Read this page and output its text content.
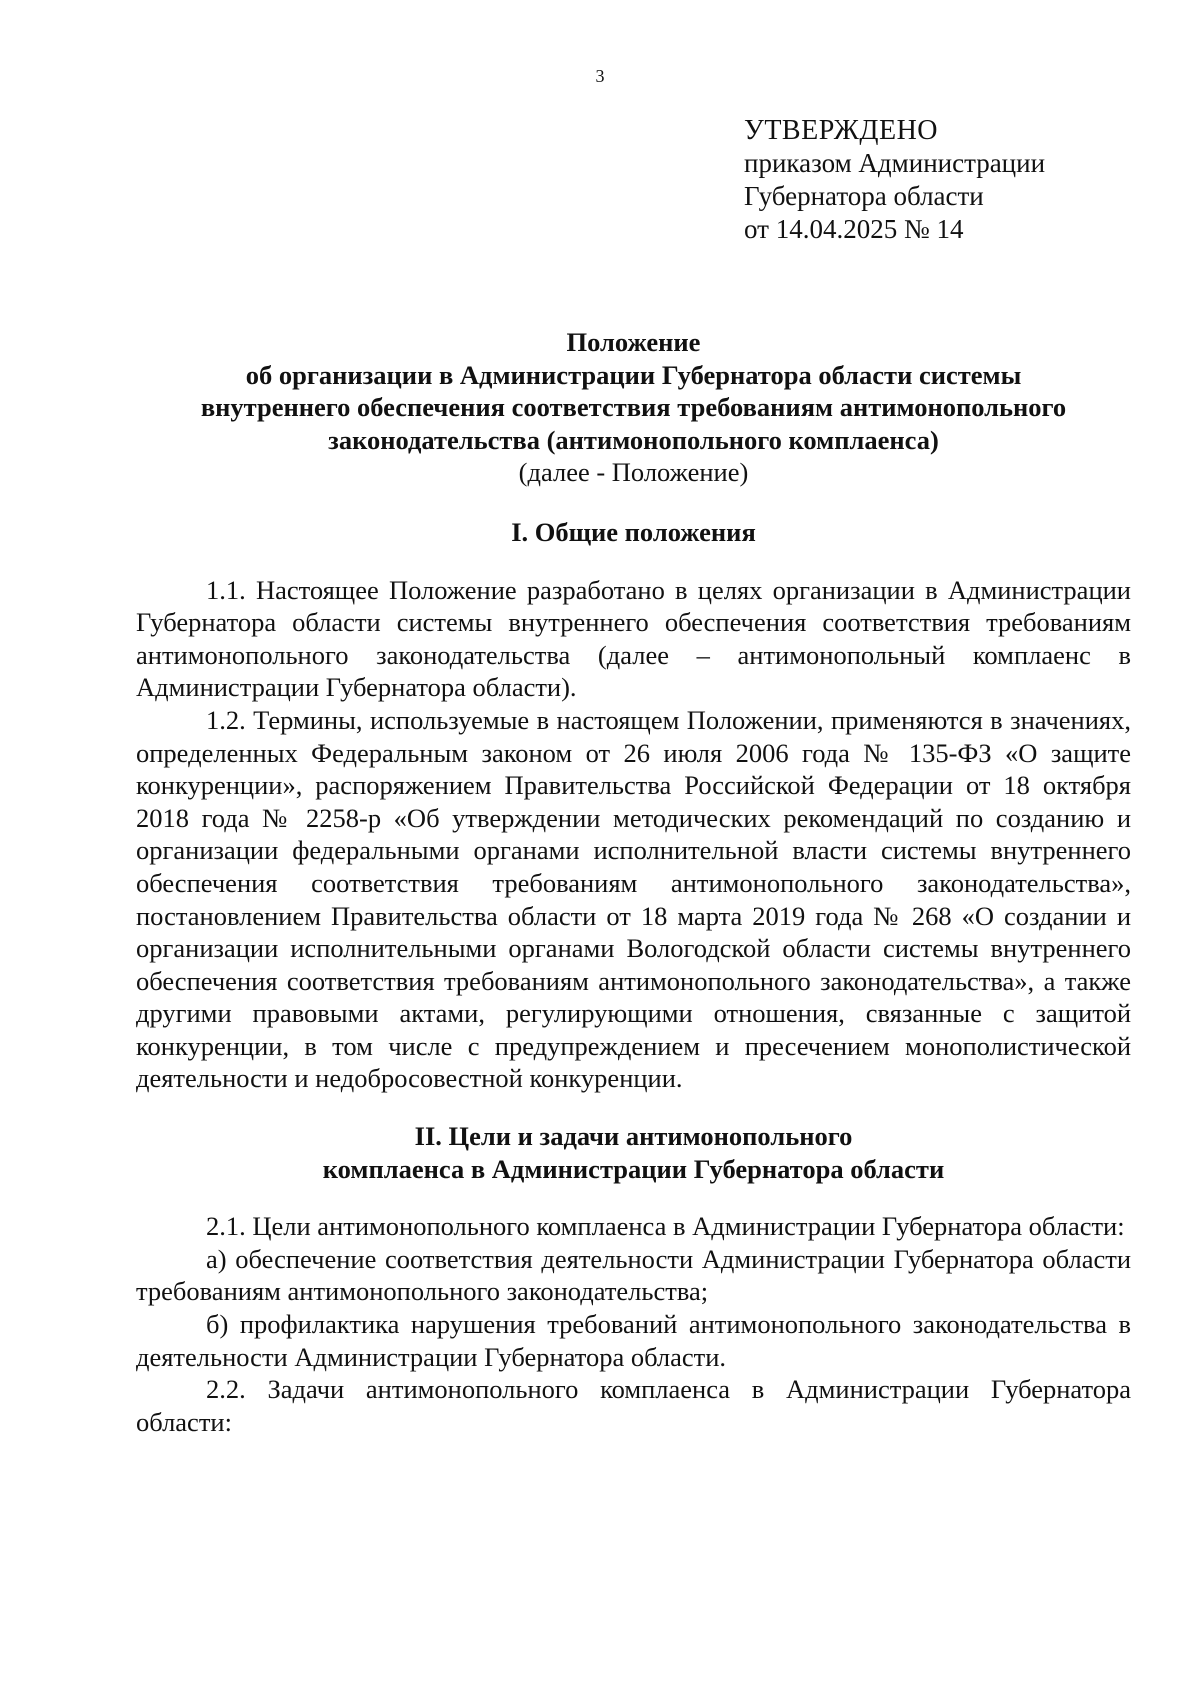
3
УТВЕРЖДЕНО
приказом Администрации
Губернатора области
от 14.04.2025 № 14
Положение
об организации в Администрации Губернатора области системы
внутреннего обеспечения соответствия требованиям антимонопольного
законодательства (антимонопольного комплаенса)
(далее - Положение)
I. Общие положения

1.1. Настоящее Положение разработано в целях организации в Администрации Губернатора области системы внутреннего обеспечения соответствия требованиям антимонопольного законодательства (далее – антимонопольный комплаенс в Администрации Губернатора области).

1.2. Термины, используемые в настоящем Положении, применяются в значениях, определенных Федеральным законом от 26 июля 2006 года № 135-ФЗ «О защите конкуренции», распоряжением Правительства Российской Федерации от 18 октября 2018 года № 2258-р «Об утверждении методических рекомендаций по созданию и организации федеральными органами исполнительной власти системы внутреннего обеспечения соответствия требованиям антимонопольного законодательства», постановлением Правительства области от 18 марта 2019 года № 268 «О создании и организации исполнительными органами Вологодской области системы внутреннего обеспечения соответствия требованиям антимонопольного законодательства», а также другими правовыми актами, регулирующими отношения, связанные с защитой конкуренции, в том числе с предупреждением и пресечением монополистической деятельности и недобросовестной конкуренции.

II. Цели и задачи антимонопольного
комплаенса в Администрации Губернатора области

2.1. Цели антимонопольного комплаенса в Администрации Губернатора области:

а) обеспечение соответствия деятельности Администрации Губернатора области требованиям антимонопольного законодательства;

б) профилактика нарушения требований антимонопольного законодательства в деятельности Администрации Губернатора области.

2.2. Задачи антимонопольного комплаенса в Администрации Губернатора области:
